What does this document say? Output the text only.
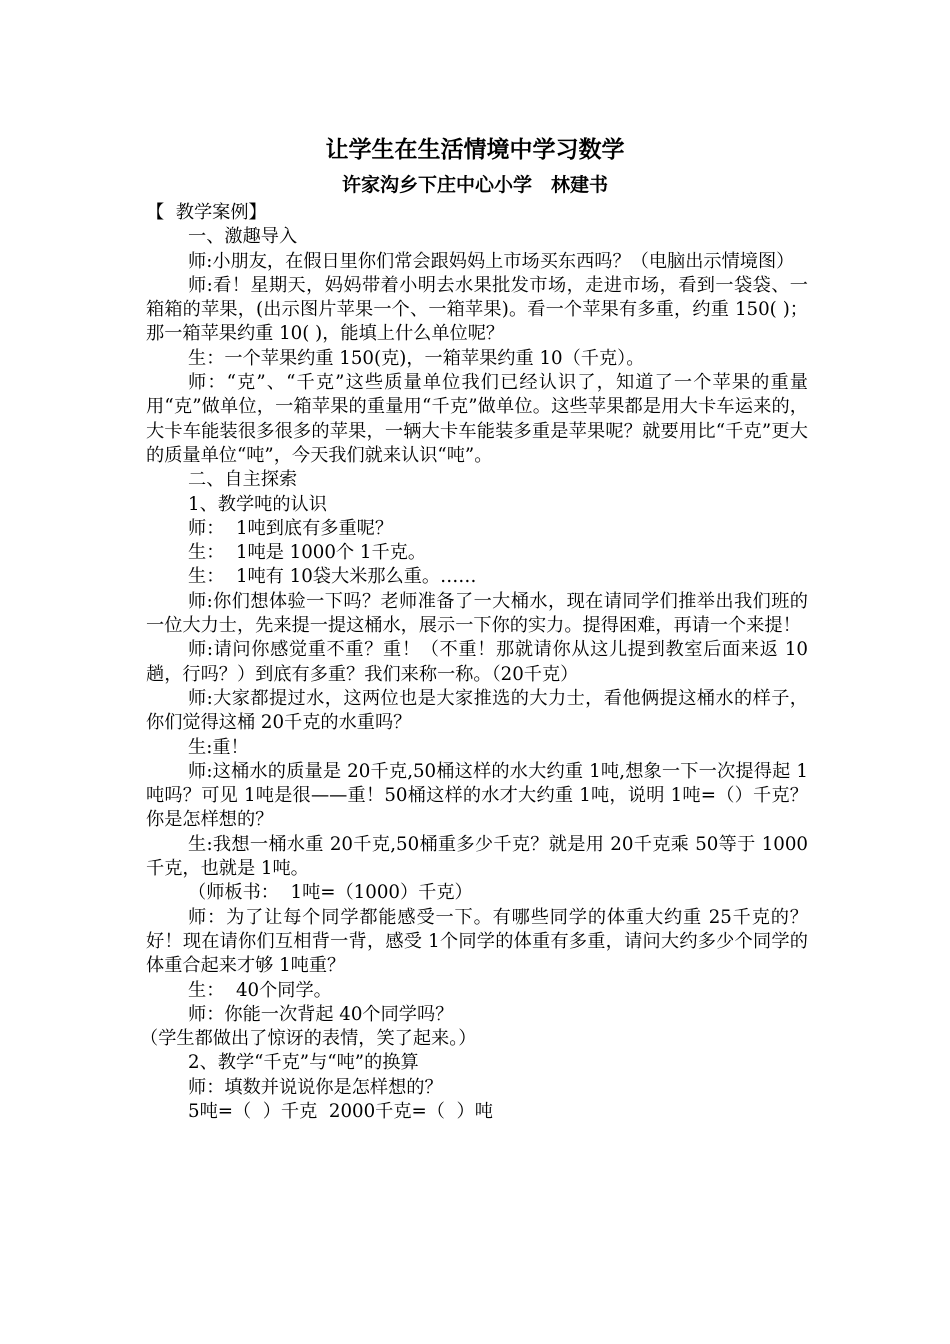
让学生在生活情境中学习数学
许家沟乡下庄中心小学　林建书

【  教学案例】

一、激趣导入

师:小朋友，在假日里你们常会跟妈妈上市场买东西吗？（电脑出示情境图）

师:看！星期天，妈妈带着小明去水果批发市场，走进市场，看到一袋袋、一箱箱的苹果，(出示图片苹果一个、一箱苹果)。看一个苹果有多重，约重 150( )；那一箱苹果约重 10( )，能填上什么单位呢？

生：一个苹果约重 150(克)，一箱苹果约重 10（千克）。

师：“克”、“千克”这些质量单位我们已经认识了，知道了一个苹果的重量用“克”做单位，一箱苹果的重量用“千克”做单位。这些苹果都是用大卡车运来的，大卡车能装很多很多的苹果，一辆大卡车能装多重是苹果呢？就要用比“千克”更大的质量单位“吨”，今天我们就来认识“吨”。

二、自主探索

1、教学吨的认识

师：  1吨到底有多重呢？

生：  1吨是 1000个 1千克。

生：  1吨有 10袋大米那么重。……

师:你们想体验一下吗？老师准备了一大桶水，现在请同学们推举出我们班的一位大力士，先来提一提这桶水，展示一下你的实力。提得困难，再请一个来提！

师:请问你感觉重不重？重！（不重！那就请你从这儿提到教室后面来返 10趟，行吗？）到底有多重？我们来称一称。（20千克）

师:大家都提过水，这两位也是大家推选的大力士，看他俩提这桶水的样子，你们觉得这桶 20千克的水重吗？

生:重！

师:这桶水的质量是 20千克,50桶这样的水大约重 1吨,想象一下一次提得起 1吨吗？可见 1吨是很——重！50桶这样的水才大约重 1吨，说明 1吨=（）千克？你是怎样想的？

生:我想一桶水重 20千克,50桶重多少千克？就是用 20千克乘 50等于 1000千克，也就是 1吨。

（师板书：  1吨=（1000）千克）

师：为了让每个同学都能感受一下。有哪些同学的体重大约重 25千克的？好！现在请你们互相背一背，感受 1个同学的体重有多重，请问大约多少个同学的体重合起来才够 1吨重？

生：  40个同学。

师：你能一次背起 40个同学吗？

（学生都做出了惊讶的表情，笑了起来。）

2、教学“千克”与“吨”的换算

师：填数并说说你是怎样想的？

5吨=（  ）千克  2000千克=（  ）吨
